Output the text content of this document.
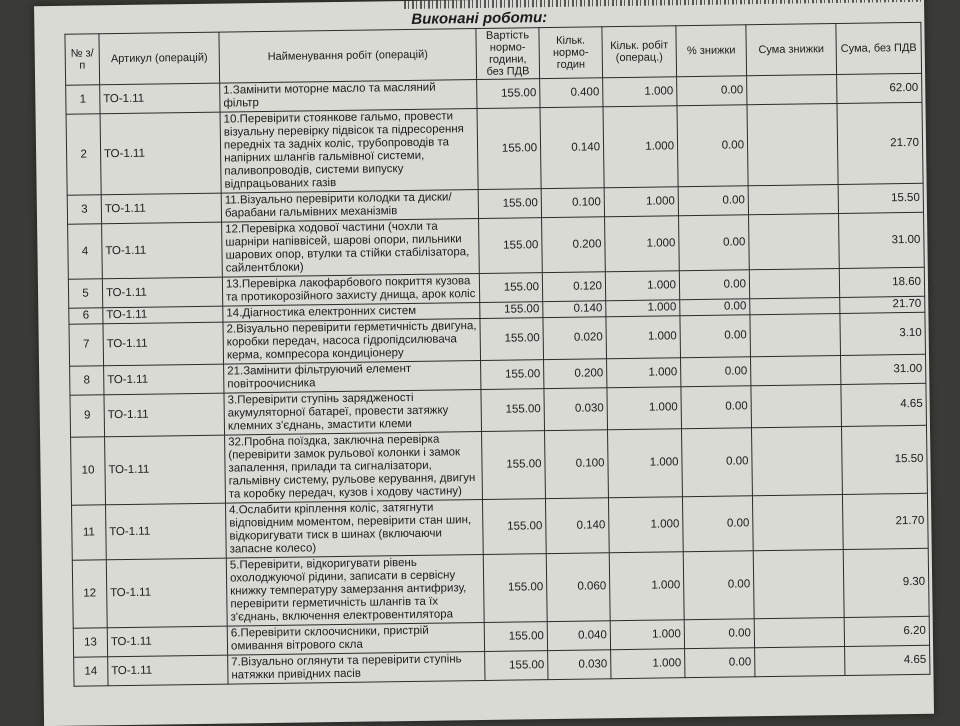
Виконані роботи:
№ з/п	Артикул (операцій)	Найменування робіт (операцій)	Вартість нормо-години, без ПДВ	Кільк. нормо-годин	Кільк. робіт (операц.)	% знижки	Сума знижки	Сума, без ПДВ
1	ТО-1.11	1.Замінити моторне масло та масляний фільтр	155.00	0.400	1.000	0.00		62.00
2	ТО-1.11	10.Перевірити стоянкове гальмо, провести візуальну перевірку підвісок та підресорення передніх та задніх коліс, трубопроводів та напірних шлангів гальмівної системи, паливопроводів, системи випуску відпрацьованих газів	155.00	0.140	1.000	0.00		21.70
3	ТО-1.11	11.Візуально перевірити колодки та диски/барабани гальмівних механізмів	155.00	0.100	1.000	0.00		15.50
4	ТО-1.11	12.Перевірка ходової частини (чохли та шарніри напіввісей, шарові опори, пильники шарових опор, втулки та стійки стабілізатора, сайлентблоки)	155.00	0.200	1.000	0.00		31.00
5	ТО-1.11	13.Перевірка лакофарбового покриття кузова та протикорозійного захисту днища, арок коліс	155.00	0.120	1.000	0.00		18.60
6	ТО-1.11	14.Діагностика електронних систем	155.00	0.140	1.000	0.00		21.70
7	ТО-1.11	2.Візуально перевірити герметичність двигуна, коробки передач, насоса гідропідсилювача керма, компресора кондиціонеру	155.00	0.020	1.000	0.00		3.10
8	ТО-1.11	21.Замінити фільтруючий елемент повітроочисника	155.00	0.200	1.000	0.00		31.00
9	ТО-1.11	3.Перевірити ступінь зарядженості акумуляторної батареї, провести затяжку клемних з'єднань, змастити клеми	155.00	0.030	1.000	0.00		4.65
10	ТО-1.11	32.Пробна поїздка, заключна перевірка (перевірити замок рульової колонки і замок запалення, прилади та сигналізатори, гальмівну систему, рульове керування, двигун та коробку передач, кузов і ходову частину)	155.00	0.100	1.000	0.00		15.50
11	ТО-1.11	4.Ослабити кріплення коліс, затягнути відповідним моментом, перевірити стан шин, відкоригувати тиск в шинах (включаючи запасне колесо)	155.00	0.140	1.000	0.00		21.70
12	ТО-1.11	5.Перевірити, відкоригувати рівень охолоджуючої рідини, записати в сервісну книжку температуру замерзання антифризу, перевірити герметичність шлангів та їх з'єднань, включення електровентилятора	155.00	0.060	1.000	0.00		9.30
13	ТО-1.11	6.Перевірити склоочисники, пристрій омивання вітрового скла	155.00	0.040	1.000	0.00		6.20
14	ТО-1.11	7.Візуально оглянути та перевірити ступінь натяжки привідних пасів	155.00	0.030	1.000	0.00		4.65
